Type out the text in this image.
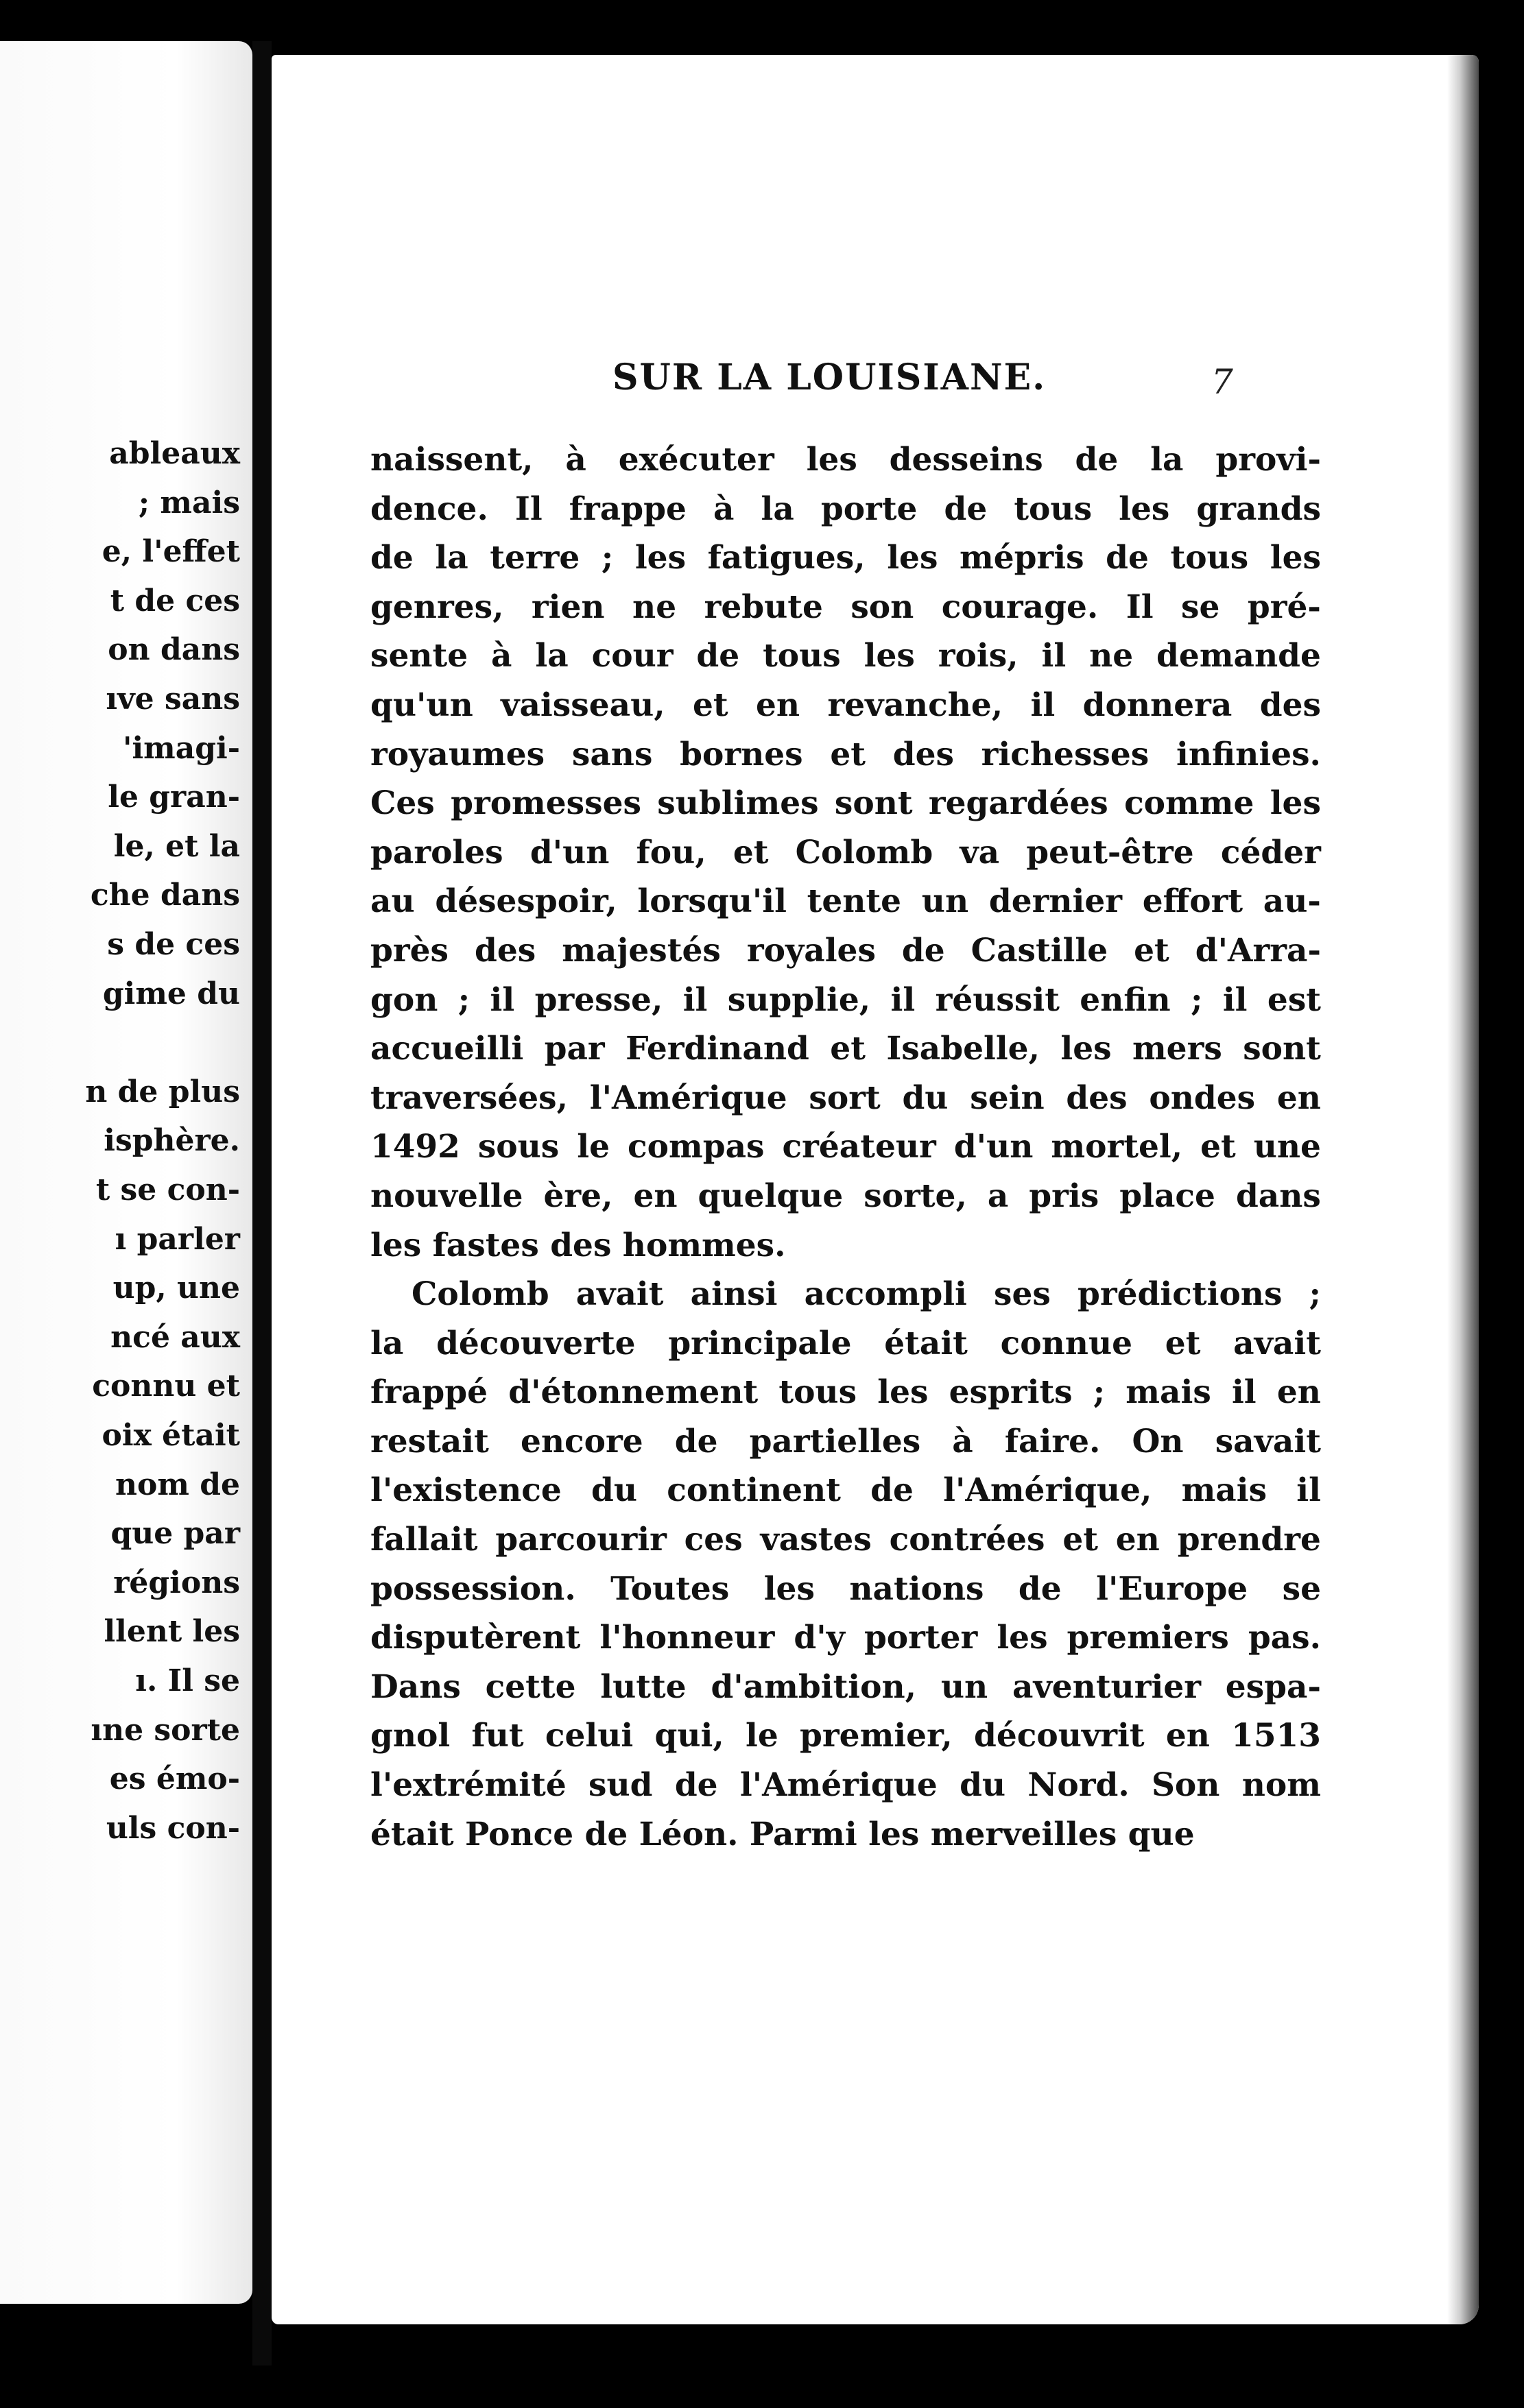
ableaux
; mais
e, l'effet
t de ces
on dans
ıve sans
'imagi-
le gran-
le, et la
che dans
s de ces
gime du
n de plus
isphère.
t se con-
ı parler
up, une
ncé aux
connu et
oix était
nom de
que par
régions
llent les
ı. Il se
ıne sorte
es émo-
uls con-
SUR LA LOUISIANE.	7
naissent, à exécuter les desseins de la provi-
dence. Il frappe à la porte de tous les grands
de la terre ; les fatigues, les mépris de tous les
genres, rien ne rebute son courage. Il se pré-
sente à la cour de tous les rois, il ne demande
qu'un vaisseau, et en revanche, il donnera des
royaumes sans bornes et des richesses infinies.
Ces promesses sublimes sont regardées comme les
paroles d'un fou, et Colomb va peut-être céder
au désespoir, lorsqu'il tente un dernier effort au-
près des majestés royales de Castille et d'Arra-
gon ; il presse, il supplie, il réussit enfin ; il est
accueilli par Ferdinand et Isabelle, les mers sont
traversées, l'Amérique sort du sein des ondes en
1492 sous le compas créateur d'un mortel, et une
nouvelle ère, en quelque sorte, a pris place dans
les
fastes
des
hommes.

Colomb avait ainsi accompli ses prédictions ;
la découverte principale était connue et avait
frappé d'étonnement tous les esprits ; mais il en
restait encore de partielles à faire. On savait
l'existence du continent de l'Amérique, mais il
fallait parcourir ces vastes contrées et en prendre
possession. Toutes les nations de l'Europe se
disputèrent l'honneur d'y porter les premiers pas.
Dans cette lutte d'ambition, un aventurier espa-
gnol fut celui qui, le premier, découvrit en 1513
l'extrémité sud de l'Amérique du Nord. Son nom
était
Ponce
de
Léon.
Parmi
les
merveilles
que
